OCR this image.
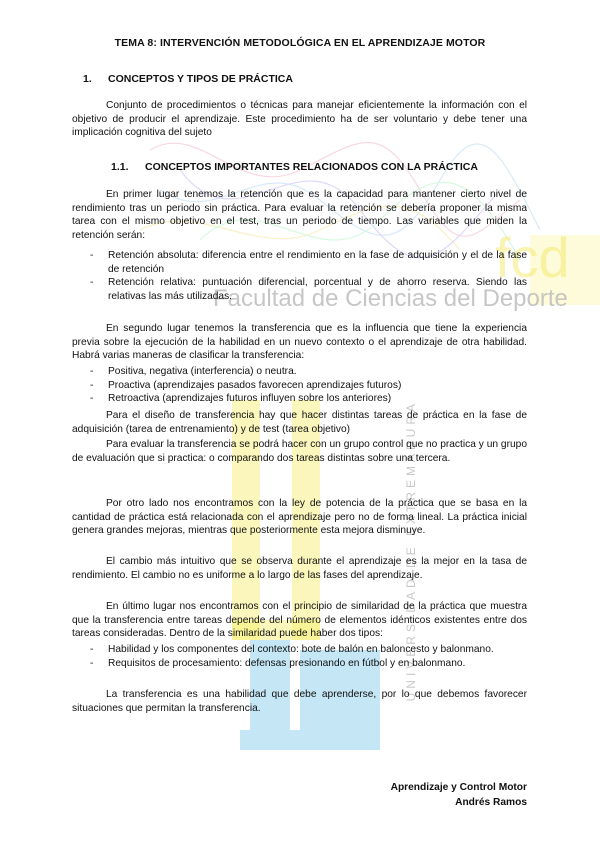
fcd
Facultad de Ciencias del Deporte
UNIVERSIDAD DE EXTREMADURA
TEMA 8: INTERVENCIÓN METODOLÓGICA EN EL APRENDIZAJE MOTOR
1. CONCEPTOS Y TIPOS DE PRÁCTICA
Conjunto de procedimientos o técnicas para manejar eficientemente la información con el objetivo de producir el aprendizaje. Este procedimiento ha de ser voluntario y debe tener una implicación cognitiva del sujeto
1.1. CONCEPTOS IMPORTANTES RELACIONADOS CON LA PRÁCTICA
En primer lugar tenemos la retención que es la capacidad para mantener cierto nivel de rendimiento tras un periodo sin práctica. Para evaluar la retención se debería proponer la misma tarea con el mismo objetivo en el test, tras un periodo de tiempo. Las variables que miden la retención serán:
- Retención absoluta: diferencia entre el rendimiento en la fase de adquisición y el de la fase de retención
- Retención relativa: puntuación diferencial, porcentual y de ahorro reserva. Siendo las relativas las más utilizadas.
En segundo lugar tenemos la transferencia que es la influencia que tiene la experiencia previa sobre la ejecución de la habilidad en un nuevo contexto o el aprendizaje de otra habilidad. Habrá varias maneras de clasificar la transferencia:
- Positiva, negativa (interferencia) o neutra.
- Proactiva (aprendizajes pasados favorecen aprendizajes futuros)
- Retroactiva (aprendizajes futuros influyen sobre los anteriores)
Para el diseño de transferencia hay que hacer distintas tareas de práctica en la fase de adquisición (tarea de entrenamiento) y de test (tarea objetivo)
Para evaluar la transferencia se podrá hacer con un grupo control que no practica y un grupo de evaluación que si practica: o comparando dos tareas distintas sobre una tercera.
Por otro lado nos encontramos con la ley de potencia de la práctica que se basa en la cantidad de práctica está relacionada con el aprendizaje pero no de forma lineal. La práctica inicial genera grandes mejoras, mientras que posteriormente esta mejora disminuye.
El cambio más intuitivo que se observa durante el aprendizaje es la mejor en la tasa de rendimiento. El cambio no es uniforme a lo largo de las fases del aprendizaje.
En último lugar nos encontramos con el principio de similaridad de la práctica que muestra que la transferencia entre tareas depende del número de elementos idénticos existentes entre dos tareas consideradas. Dentro de la similaridad puede haber dos tipos:
- Habilidad y los componentes del contexto: bote de balón en baloncesto y balonmano.
- Requisitos de procesamiento: defensas presionando en fútbol y en balonmano.
La transferencia es una habilidad que debe aprenderse, por lo que debemos favorecer situaciones que permitan la transferencia.
Aprendizaje y Control Motor
Andrés Ramos
